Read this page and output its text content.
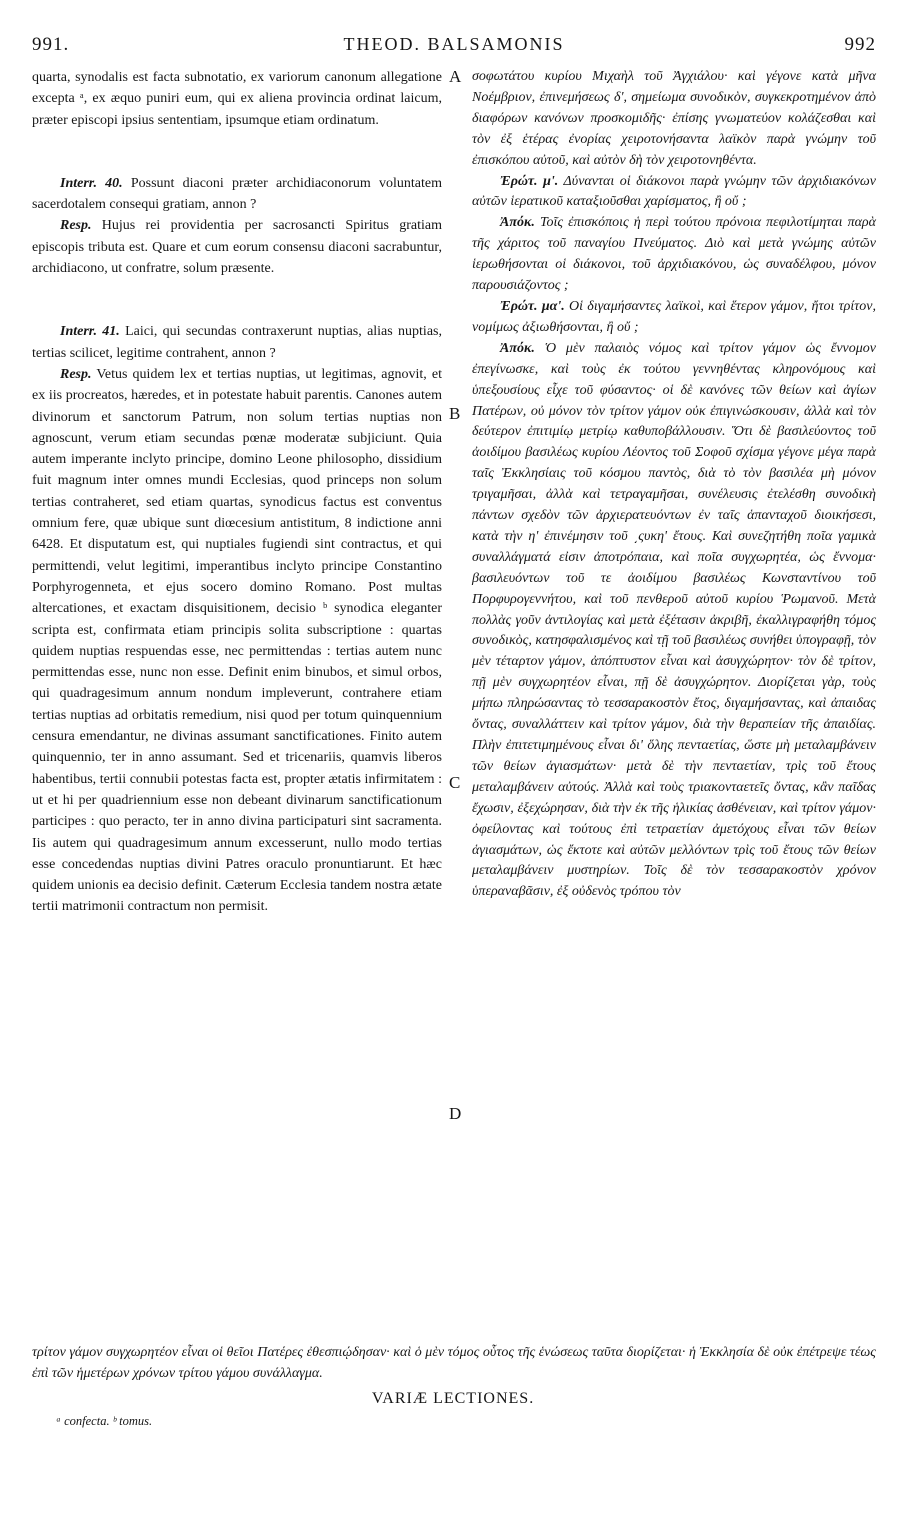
991.	THEOD. BALSAMONIS	992

quarta, synodalis est facta subnotatio, ex variorum canonum allegatione excepta ᵃ, ex æquo puniri eum, qui ex aliena provincia ordinat laicum, præter episcopi ipsius sententiam, ipsumque etiam ordinatum.

Interr. 40. Possunt diaconi præter archidiaconorum voluntatem sacerdotalem consequi gratiam, annon ?

Resp. Hujus rei providentia per sacrosancti Spiritus gratiam episcopis tributa est. Quare et cum eorum consensu diaconi sacrabuntur, archidiacono, ut confratre, solum præsente.

Interr. 41. Laici, qui secundas contraxerunt nuptias, alias nuptias, tertias scilicet, legitime contrahent, annon ?

Resp. Vetus quidem lex et tertias nuptias, ut legitimas, agnovit, et ex iis procreatos, hæredes, et in potestate habuit parentis. Canones autem divinorum et sanctorum Patrum, non solum tertias nuptias non agnoscunt, verum etiam secundas pœnæ moderatæ subjiciunt. Quia autem imperante inclyto principe, domino Leone philosopho, dissidium fuit magnum inter omnes mundi Ecclesias, quod princeps non solum tertias contraheret, sed etiam quartas, synodicus factus est conventus omnium fere, quæ ubique sunt diœcesium antistitum, 8 indictione anni 6428. Et disputatum est, qui nuptiales fugiendi sint contractus, et qui permittendi, velut legitimi, imperantibus inclyto principe Constantino Porphyrogenneta, et ejus socero domino Romano. Post multas altercationes, et exactam disquisitionem, decisio ᵇ synodica eleganter scripta est, confirmata etiam principis solita subscriptione : quartas quidem nuptias respuendas esse, nec permittendas : tertias autem nunc permittendas esse, nunc non esse. Definit enim binubos, et simul orbos, qui quadragesimum annum nondum impleverunt, contrahere etiam tertias nuptias ad orbitatis remedium, nisi quod per totum quinquennium censura emendantur, ne divinas assumant sanctificationes. Finito autem quinquennio, ter in anno assumant. Sed et tricenariis, quamvis liberos habentibus, tertii connubii potestas facta est, propter ætatis infirmitatem : ut et hi per quadriennium esse non debeant divinarum sanctificationum participes : quo peracto, ter in anno divina participaturi sint sacramenta. Iis autem qui quadragesimum annum excesserunt, nullo modo tertias esse concedendas nuptias divini Patres oraculo pronuntiarunt. Et hæc quidem unionis ea decisio definit. Cæterum Ecclesia tandem nostra ætate tertii matrimonii contractum non permisit.

A
B
C
D

σοφωτάτου κυρίου Μιχαὴλ τοῦ Ἀγχιάλου· καὶ γέγονε κατὰ μῆνα Νοέμβριον, ἐπινεμήσεως δ', σημείωμα συνοδικὸν, συγκεκροτημένον ἀπὸ διαφόρων κανόνων προσκομιδῆς· ἐπίσης γνωματεύον κολάζεσθαι καὶ τὸν ἐξ ἑτέρας ἐνορίας χειροτονήσαντα λαϊκὸν παρὰ γνώμην τοῦ ἐπισκόπου αὐτοῦ, καὶ αὐτὸν δὴ τὸν χειροτονηθέντα.

Ἐρώτ. μ'. Δύνανται οἱ διάκονοι παρὰ γνώμην τῶν ἀρχιδιακόνων αὐτῶν ἱερατικοῦ καταξιοῦσθαι χαρίσματος, ἢ οὔ ;

Ἀπόκ. Τοῖς ἐπισκόποις ἡ περὶ τούτου πρόνοια πεφιλοτίμηται παρὰ τῆς χάριτος τοῦ παναγίου Πνεύματος. Διὸ καὶ μετὰ γνώμης αὐτῶν ἱερωθήσονται οἱ διάκονοι, τοῦ ἀρχιδιακόνου, ὡς συναδέλφου, μόνον παρουσιάζοντος ;

Ἐρώτ. μα'. Οἱ διγαμήσαντες λαϊκοὶ, καὶ ἕτερον γάμον, ἤτοι τρίτον, νομίμως ἀξιωθήσονται, ἢ οὔ ;

Ἀπόκ. Ὁ μὲν παλαιὸς νόμος καὶ τρίτον γάμον ὡς ἔννομον ἐπεγίνωσκε, καὶ τοὺς ἐκ τούτου γεννηθέντας κληρονόμους καὶ ὑπεξουσίους εἶχε τοῦ φύσαντος· οἱ δὲ κανόνες τῶν θείων καὶ ἁγίων Πατέρων, οὐ μόνον τὸν τρίτον γάμον οὐκ ἐπιγινώσκουσιν, ἀλλὰ καὶ τὸν δεύτερον ἐπιτιμίῳ μετρίῳ καθυποβάλλουσιν. Ὅτι δὲ βασιλεύοντος τοῦ ἀοιδίμου βασιλέως κυρίου Λέοντος τοῦ Σοφοῦ σχίσμα γέγονε μέγα παρὰ ταῖς Ἐκκλησίαις τοῦ κόσμου παντὸς, διὰ τὸ τὸν βασιλέα μὴ μόνον τριγαμῆσαι, ἀλλὰ καὶ τετραγαμῆσαι, συνέλευσις ἐτελέσθη συνοδικὴ πάντων σχεδὸν τῶν ἀρχιερατευόντων ἐν ταῖς ἁπανταχοῦ διοικήσεσι, κατὰ τὴν η' ἐπινέμησιν τοῦ ͵ςυκη' ἔτους. Καὶ συνεζητήθη ποῖα γαμικὰ συναλλάγματά εἰσιν ἀποτρόπαια, καὶ ποῖα συγχωρητέα, ὡς ἔννομα· βασιλευόντων τοῦ τε ἀοιδίμου βασιλέως Κωνσταντίνου τοῦ Πορφυρογεννήτου, καὶ τοῦ πενθεροῦ αὐτοῦ κυρίου Ῥωμανοῦ. Μετὰ πολλὰς γοῦν ἀντιλογίας καὶ μετὰ ἐξέτασιν ἀκριβῆ, ἐκαλλιγραφήθη τόμος συνοδικὸς, κατησφαλισμένος καὶ τῇ τοῦ βασιλέως συνήθει ὑπογραφῇ, τὸν μὲν τέταρτον γάμον, ἀπόπτυστον εἶναι καὶ ἀσυγχώρητον· τὸν δὲ τρίτον, πῇ μὲν συγχωρητέον εἶναι, πῇ δὲ ἀσυγχώρητον. Διορίζεται γὰρ, τοὺς μήπω πληρώσαντας τὸ τεσσαρακοστὸν ἔτος, διγαμήσαντας, καὶ ἀπαιδας ὄντας, συναλλάττειν καὶ τρίτον γάμον, διὰ τὴν θεραπείαν τῆς ἀπαιδίας. Πλὴν ἐπιτετιμημένους εἶναι δι' ὅλης πενταετίας, ὥστε μὴ μεταλαμβάνειν τῶν θείων ἁγιασμάτων· μετὰ δὲ τὴν πενταετίαν, τρὶς τοῦ ἔτους μεταλαμβάνειν αὐτούς. Ἀλλὰ καὶ τοὺς τριακονταετεῖς ὄντας, κἂν παῖδας ἔχωσιν, ἐξεχώρησαν, διὰ τὴν ἐκ τῆς ἡλικίας ἀσθένειαν, καὶ τρίτον γάμον· ὀφείλοντας καὶ τούτους ἐπὶ τετραετίαν ἀμετόχους εἶναι τῶν θείων ἁγιασμάτων, ὡς ἔκτοτε καὶ αὐτῶν μελλόντων τρὶς τοῦ ἔτους τῶν θείων μεταλαμβάνειν μυστηρίων. Τοῖς δὲ τὸν τεσσαρακοστὸν χρόνον ὑπεραναβᾶσιν, ἐξ οὐδενὸς τρόπου τὸν

τρίτον γάμον συγχωρητέον εἶναι οἱ θεῖοι Πατέρες ἐθεσπιῴδησαν· καὶ ὁ μὲν τόμος οὗτος τῆς ἑνώσεως ταῦτα διορίζεται· ἡ Ἐκκλησία δὲ οὐκ ἐπέτρεψε τέως ἐπὶ τῶν ἡμετέρων χρόνων τρίτου γάμου συνάλλαγμα.
VARIÆ LECTIONES.
ᵃ confecta. ᵇ tomus.
